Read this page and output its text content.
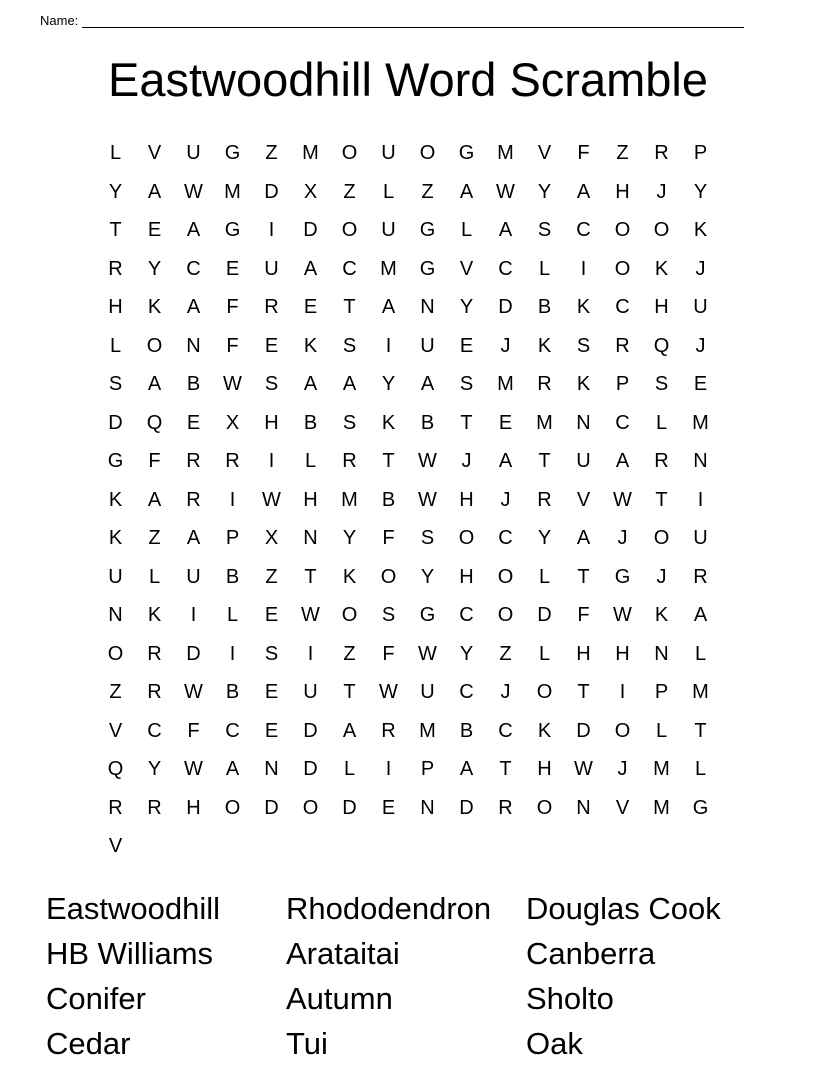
Name:
Eastwoodhill Word Scramble
L	V	U	G	Z	M	O	U	O	G	M	V	F	Z	R	P
Y	A	W	M	D	X	Z	L	Z	A	W	Y	A	H	J	Y
T	E	A	G	I	D	O	U	G	L	A	S	C	O	O	K
R	Y	C	E	U	A	C	M	G	V	C	L	I	O	K	J
H	K	A	F	R	E	T	A	N	Y	D	B	K	C	H	U
L	O	N	F	E	K	S	I	U	E	J	K	S	R	Q	J
S	A	B	W	S	A	A	Y	A	S	M	R	K	P	S	E
D	Q	E	X	H	B	S	K	B	T	E	M	N	C	L	M
G	F	R	R	I	L	R	T	W	J	A	T	U	A	R	N
K	A	R	I	W	H	M	B	W	H	J	R	V	W	T	I
K	Z	A	P	X	N	Y	F	S	O	C	Y	A	J	O	U
U	L	U	B	Z	T	K	O	Y	H	O	L	T	G	J	R
N	K	I	L	E	W	O	S	G	C	O	D	F	W	K	A
O	R	D	I	S	I	Z	F	W	Y	Z	L	H	H	N	L
Z	R	W	B	E	U	T	W	U	C	J	O	T	I	P	M
V	C	F	C	E	D	A	R	M	B	C	K	D	O	L	T
Q	Y	W	A	N	D	L	I	P	A	T	H	W	J	M	L
R	R	H	O	D	O	D	E	N	D	R	O	N	V	M	G
V
Eastwoodhill	Rhododendron	Douglas Cook
HB Williams	Arataitai	Canberra
Conifer	Autumn	Sholto
Cedar	Tui	Oak
